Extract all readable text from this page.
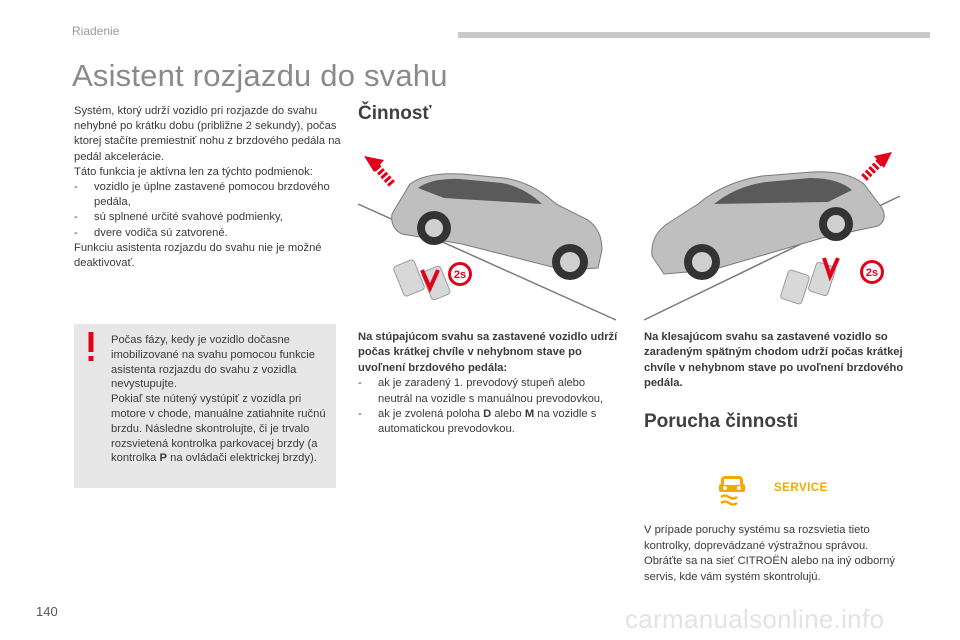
Riadenie
Asistent rozjazdu do svahu

Systém, ktorý udrží vozidlo pri rozjazde do svahu nehybné po krátku dobu (približne 2 sekundy), počas ktorej stačíte premiestniť nohu z brzdového pedála na pedál akcelerácie.

Táto funkcia je aktívna len za týchto podmienok:

- vozidlo je úplne zastavené pomocou brzdového pedála,

- sú splnené určité svahové podmienky,

- dvere vodiča sú zatvorené.

Funkciu asistenta rozjazdu do svahu nie je možné deaktivovať.

Počas fázy, kedy je vozidlo dočasne imobilizované na svahu pomocou funkcie asistenta rozjazdu do svahu z vozidla nevystupujte.

Pokiaľ ste nútený vystúpiť z vozidla pri motore v chode, manuálne zatiahnite ručnú brzdu. Následne skontrolujte, či je trvalo rozsvietená kontrolka parkovacej brzdy (a kontrolka P na ovládači elektrickej brzdy).

Činnosť
2s	2s

Na stúpajúcom svahu sa zastavené vozidlo udrží počas krátkej chvíle v nehybnom stave po uvoľnení brzdového pedála:

- ak je zaradený 1. prevodový stupeň alebo neutrál na vozidle s manuálnou prevodovkou,

- ak je zvolená poloha D alebo M na vozidle s automatickou prevodovkou.

Na klesajúcom svahu sa zastavené vozidlo so zaradeným spätným chodom udrží počas krátkej chvíle v nehybnom stave po uvoľnení brzdového pedála.
Porucha činnosti
SERVICE
V prípade poruchy systému sa rozsvietia tieto kontrolky, doprevádzané výstražnou správou. Obráťte sa na sieť CITROËN alebo na iný odborný servis, kde vám systém skontrolujú.
140	carmanualsonline.info
